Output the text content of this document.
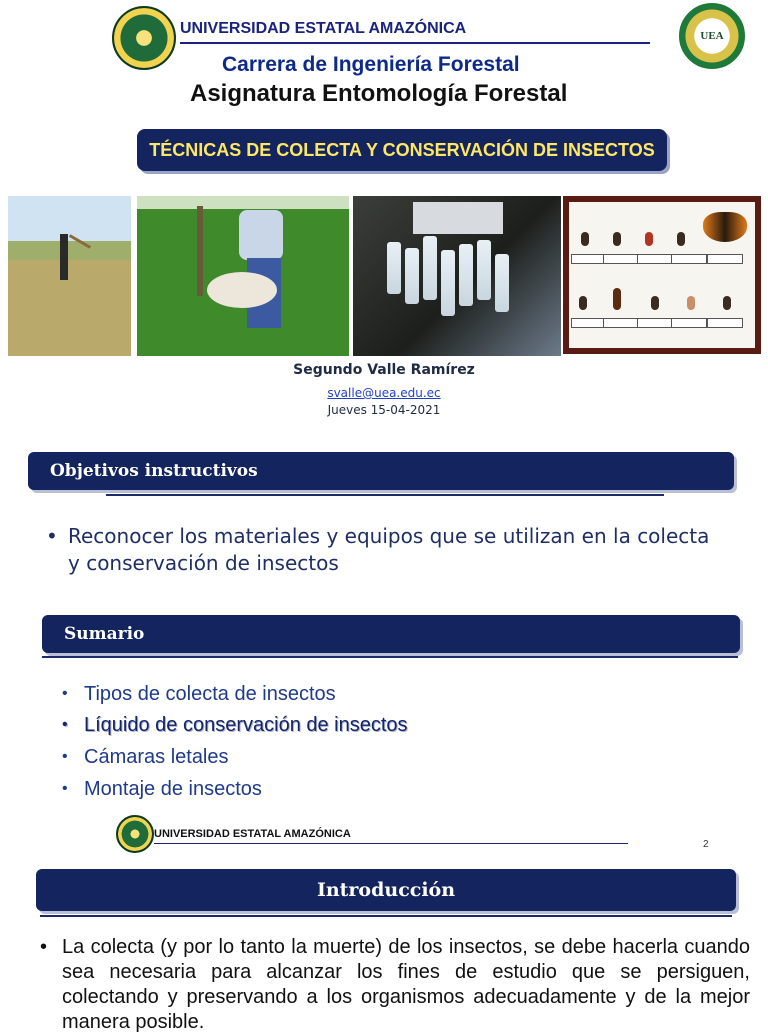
UNIVERSIDAD ESTATAL AMAZÓNICA	UEA
Carrera de Ingeniería Forestal
Asignatura Entomología Forestal
TÉCNICAS DE COLECTA Y CONSERVACIÓN DE INSECTOS
Segundo Valle Ramírez
svalle@uea.edu.ec
Jueves 15-04-2021
Objetivos instructivos
• Reconocer los materiales y equipos que se utilizan en la colecta y conservación de insectos
Sumario
• Tipos de colecta de insectos
• Líquido de conservación de insectos
• Cámaras letales
• Montaje de insectos
UNIVERSIDAD ESTATAL AMAZÓNICA
2
Introducción
• La colecta (y por lo tanto la muerte) de los insectos, se debe hacerla cuando sea necesaria para alcanzar los fines de estudio que se persiguen, colectando y preservando a los organismos adecuadamente y de la mejor manera posible.
